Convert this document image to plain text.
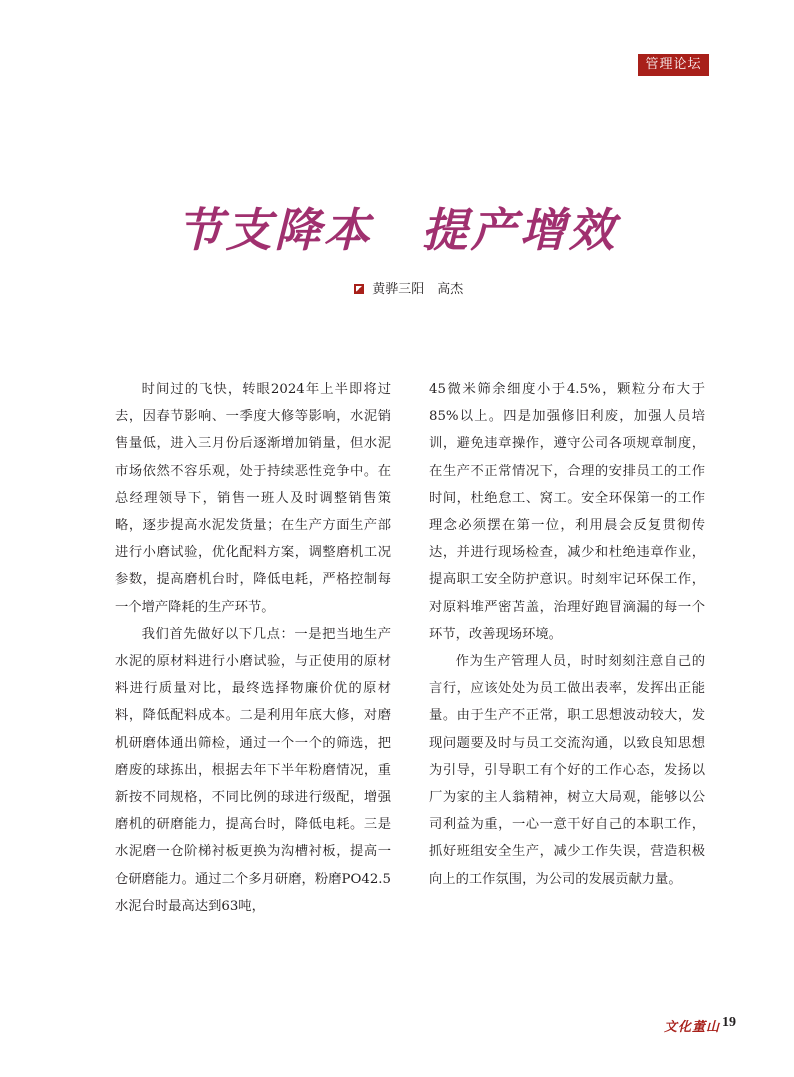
管理论坛
节支降本　提产增效

黄骅三阳　高杰

时间过的飞快，转眼2024年上半即将过去，因春节影响、一季度大修等影响，水泥销售量低，进入三月份后逐渐增加销量，但水泥市场依然不容乐观，处于持续恶性竞争中。在总经理领导下，销售一班人及时调整销售策略，逐步提高水泥发货量；在生产方面生产部进行小磨试验，优化配料方案，调整磨机工况参数，提高磨机台时，降低电耗，严格控制每一个增产降耗的生产环节。

我们首先做好以下几点：一是把当地生产水泥的原材料进行小磨试验，与正使用的原材料进行质量对比，最终选择物廉价优的原材料，降低配料成本。二是利用年底大修，对磨机研磨体通出筛检，通过一个一个的筛选，把磨废的球拣出，根据去年下半年粉磨情况，重新按不同规格，不同比例的球进行级配，增强磨机的研磨能力，提高台时，降低电耗。三是水泥磨一仓阶梯衬板更换为沟槽衬板，提高一仓研磨能力。通过二个多月研磨，粉磨PO42.5水泥台时最高达到63吨，

45微米筛余细度小于4.5%，颗粒分布大于85%以上。四是加强修旧利废，加强人员培训，避免违章操作，遵守公司各项规章制度，在生产不正常情况下，合理的安排员工的工作时间，杜绝怠工、窝工。安全环保第一的工作理念必须摆在第一位，利用晨会反复贯彻传达，并进行现场检查，减少和杜绝违章作业，提高职工安全防护意识。时刻牢记环保工作，对原料堆严密苫盖，治理好跑冒滴漏的每一个环节，改善现场环境。

作为生产管理人员，时时刻刻注意自己的言行，应该处处为员工做出表率，发挥出正能量。由于生产不正常，职工思想波动较大，发现问题要及时与员工交流沟通，以致良知思想为引导，引导职工有个好的工作心态，发扬以厂为家的主人翁精神，树立大局观，能够以公司利益为重，一心一意干好自己的本职工作，抓好班组安全生产，减少工作失误，营造积极向上的工作氛围，为公司的发展贡献力量。

文化董山 19
